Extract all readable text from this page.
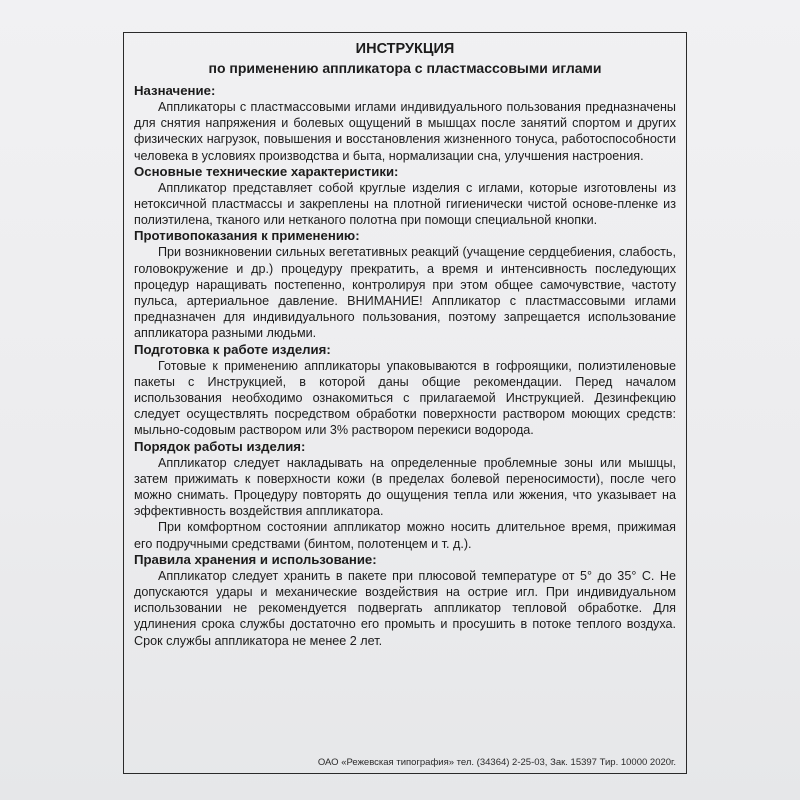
ИНСТРУКЦИЯ
по применению аппликатора с пластмассовыми иглами
Назначение:

Аппликаторы с пластмассовыми иглами индивидуального пользования предназначены для снятия напряжения и болевых ощущений в мышцах после занятий спортом и других физических нагрузок, повышения и восстановления жизненного тонуса, работоспособности человека в условиях производства и быта, нормализации сна, улучшения настроения.

Основные технические характеристики:

Аппликатор представляет собой круглые изделия с иглами, которые изготовлены из нетоксичной пластмассы и закреплены на плотной гигиенически чистой основе-пленке из полиэтилена, тканого или нетканого полотна при помощи специальной кнопки.

Противопоказания к применению:

При возникновении сильных вегетативных реакций (учащение сердцебиения, слабость, головокружение и др.) процедуру прекратить, а время и интенсивность последующих процедур наращивать постепенно, контролируя при этом общее самочувствие, частоту пульса, артериальное давление. ВНИМАНИЕ! Аппликатор с пластмассовыми иглами предназначен для индивидуального пользования, поэтому запрещается использование аппликатора разными людьми.

Подготовка к работе изделия:

Готовые к применению аппликаторы упаковываются в гофроящики, полиэтиленовые пакеты с Инструкцией, в которой даны общие рекомендации. Перед началом использования необходимо ознакомиться с прилагаемой Инструкцией. Дезинфекцию следует осуществлять посредством обработки поверхности раствором моющих средств: мыльно-содовым раствором или 3% раствором перекиси водорода.

Порядок работы изделия:

Аппликатор следует накладывать на определенные проблемные зоны или мышцы, затем прижимать к поверхности кожи (в пределах болевой переносимости), после чего можно снимать. Процедуру повторять до ощущения тепла или жжения, что указывает на эффективность воздействия аппликатора.

При комфортном состоянии аппликатор можно носить длительное время, прижимая его подручными средствами (бинтом, полотенцем и т. д.).

Правила хранения и использование:

Аппликатор следует хранить в пакете при плюсовой температуре от 5° до 35° С. Не допускаются удары и механические воздействия на острие игл. При индивидуальном использовании не рекомендуется подвергать аппликатор тепловой обработке. Для удлинения срока службы достаточно его промыть и просушить в потоке теплого воздуха. Срок службы аппликатора не менее 2 лет.

ОАО «Режевская типография» тел. (34364) 2-25-03, Зак. 15397 Тир. 10000 2020г.
